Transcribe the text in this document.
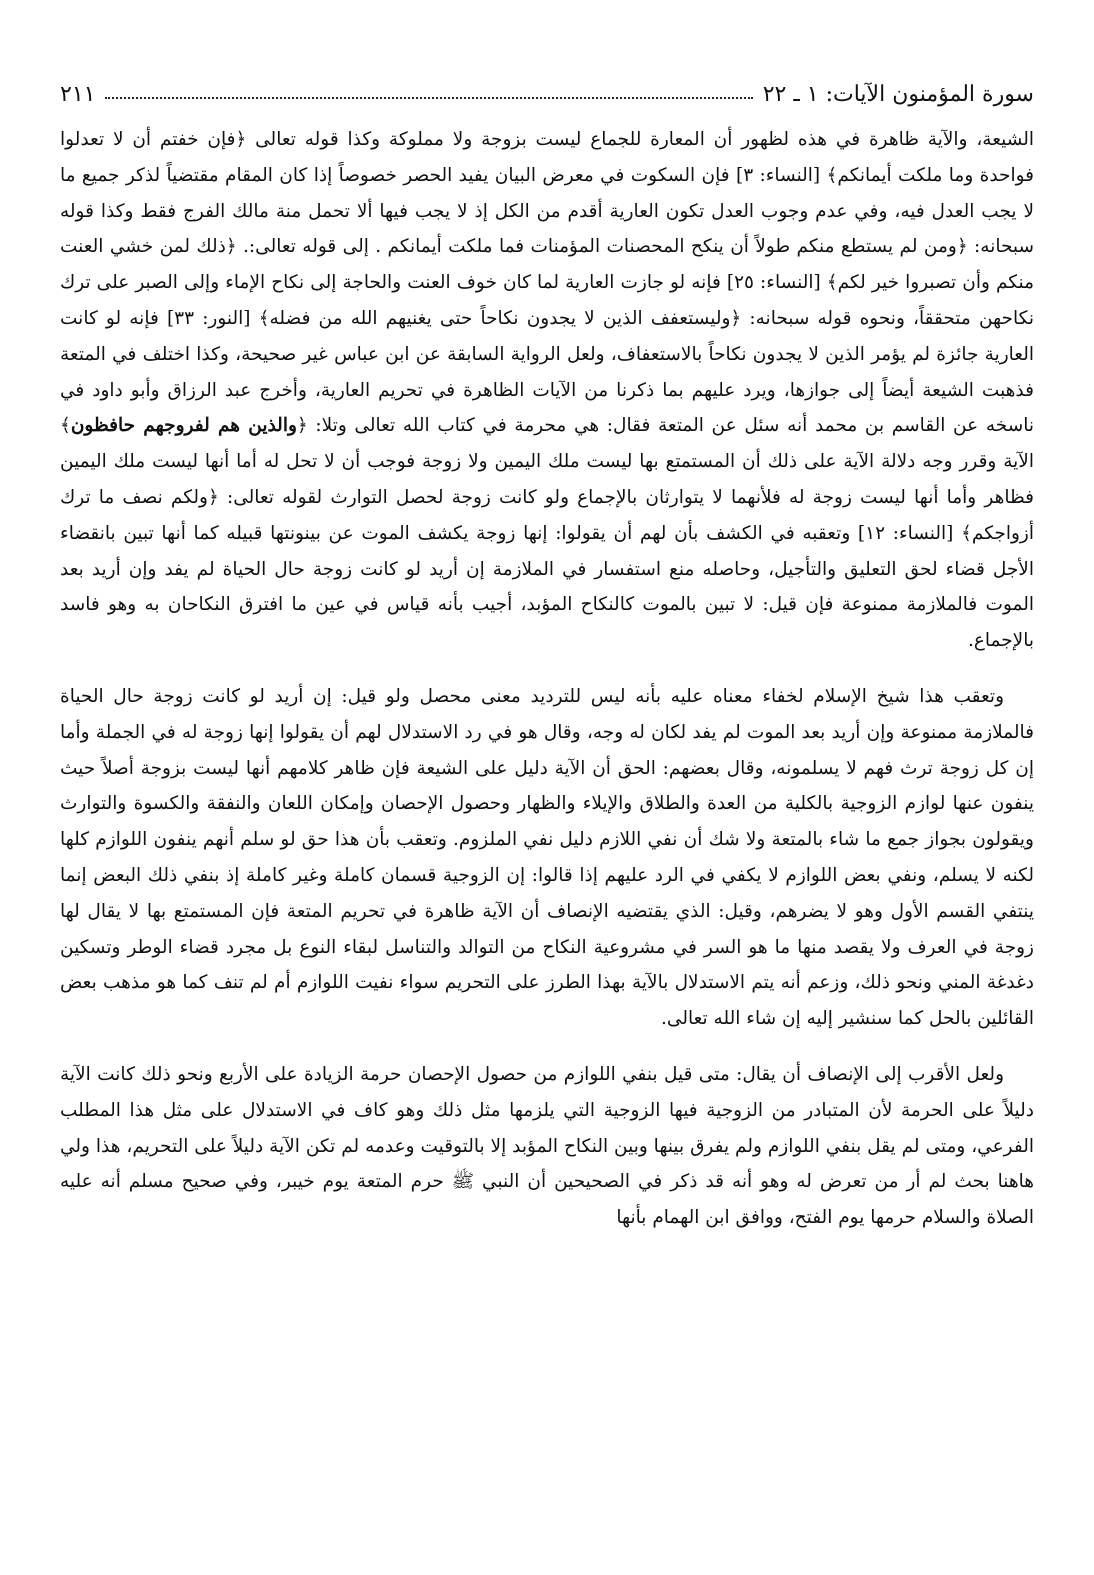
سورة المؤمنون الآيات: ١ ـ ٢٢
٢١١

الشيعة، والآية ظاهرة في هذه لظهور أن المعارة للجماع ليست بزوجة ولا مملوكة وكذا قوله تعالى ﴿فإن خفتم أن لا تعدلوا فواحدة وما ملكت أيمانكم﴾ [النساء: ٣] فإن السكوت في معرض البيان يفيد الحصر خصوصاً إذا كان المقام مقتضياً لذكر جميع ما لا يجب العدل فيه، وفي عدم وجوب العدل تكون العارية أقدم من الكل إذ لا يجب فيها ألا تحمل منة مالك الفرج فقط وكذا قوله سبحانه: ﴿ومن لم يستطع منكم طولاً أن ينكح المحصنات المؤمنات فما ملكت أيمانكم . إلى قوله تعالى:. ﴿ذلك لمن خشي العنت منكم وأن تصبروا خير لكم﴾ [النساء: ٢٥] فإنه لو جازت العارية لما كان خوف العنت والحاجة إلى نكاح الإماء وإلى الصبر على ترك نكاحهن متحققاً، ونحوه قوله سبحانه: ﴿وليستعفف الذين لا يجدون نكاحاً حتى يغنيهم الله من فضله﴾ [النور: ٣٣] فإنه لو كانت العارية جائزة لم يؤمر الذين لا يجدون نكاحاً بالاستعفاف، ولعل الرواية السابقة عن ابن عباس غير صحيحة، وكذا اختلف في المتعة فذهبت الشيعة أيضاً إلى جوازها، ويرد عليهم بما ذكرنا من الآيات الظاهرة في تحريم العارية، وأخرج عبد الرزاق وأبو داود في ناسخه عن القاسم بن محمد أنه سئل عن المتعة فقال: هي محرمة في كتاب الله تعالى وتلا: ﴿والذين هم لفروجهم حافظون﴾ الآية وقرر وجه دلالة الآية على ذلك أن المستمتع بها ليست ملك اليمين ولا زوجة فوجب أن لا تحل له أما أنها ليست ملك اليمين فظاهر وأما أنها ليست زوجة له فلأنهما لا يتوارثان بالإجماع ولو كانت زوجة لحصل التوارث لقوله تعالى: ﴿ولكم نصف ما ترك أزواجكم﴾ [النساء: ١٢] وتعقبه في الكشف بأن لهم أن يقولوا: إنها زوجة يكشف الموت عن بينونتها قبيله كما أنها تبين بانقضاء الأجل قضاء لحق التعليق والتأجيل، وحاصله منع استفسار في الملازمة إن أريد لو كانت زوجة حال الحياة لم يفد وإن أريد بعد الموت فالملازمة ممنوعة فإن قيل: لا تبين بالموت كالنكاح المؤبد، أجيب بأنه قياس في عين ما افترق النكاحان به وهو فاسد بالإجماع.

وتعقب هذا شيخ الإسلام لخفاء معناه عليه بأنه ليس للترديد معنى محصل ولو قيل: إن أريد لو كانت زوجة حال الحياة فالملازمة ممنوعة وإن أريد بعد الموت لم يفد لكان له وجه، وقال هو في رد الاستدلال لهم أن يقولوا إنها زوجة له في الجملة وأما إن كل زوجة ترث فهم لا يسلمونه، وقال بعضهم: الحق أن الآية دليل على الشيعة فإن ظاهر كلامهم أنها ليست بزوجة أصلاً حيث ينفون عنها لوازم الزوجية بالكلية من العدة والطلاق والإيلاء والظهار وحصول الإحصان وإمكان اللعان والنفقة والكسوة والتوارث ويقولون بجواز جمع ما شاء بالمتعة ولا شك أن نفي اللازم دليل نفي الملزوم. وتعقب بأن هذا حق لو سلم أنهم ينفون اللوازم كلها لكنه لا يسلم، ونفي بعض اللوازم لا يكفي في الرد عليهم إذا قالوا: إن الزوجية قسمان كاملة وغير كاملة إذ بنفي ذلك البعض إنما ينتفي القسم الأول وهو لا يضرهم، وقيل: الذي يقتضيه الإنصاف أن الآية ظاهرة في تحريم المتعة فإن المستمتع بها لا يقال لها زوجة في العرف ولا يقصد منها ما هو السر في مشروعية النكاح من التوالد والتناسل لبقاء النوع بل مجرد قضاء الوطر وتسكين دغدغة المني ونحو ذلك، وزعم أنه يتم الاستدلال بالآية بهذا الطرز على التحريم سواء نفيت اللوازم أم لم تنف كما هو مذهب بعض القائلين بالحل كما سنشير إليه إن شاء الله تعالى.

ولعل الأقرب إلى الإنصاف أن يقال: متى قيل بنفي اللوازم من حصول الإحصان حرمة الزيادة على الأربع ونحو ذلك كانت الآية دليلاً على الحرمة لأن المتبادر من الزوجية فيها الزوجية التي يلزمها مثل ذلك وهو كاف في الاستدلال على مثل هذا المطلب الفرعي، ومتى لم يقل بنفي اللوازم ولم يفرق بينها وبين النكاح المؤبد إلا بالتوقيت وعدمه لم تكن الآية دليلاً على التحريم، هذا ولي هاهنا بحث لم أر من تعرض له وهو أنه قد ذكر في الصحيحين أن النبي ﷺ حرم المتعة يوم خيبر، وفي صحيح مسلم أنه عليه الصلاة والسلام حرمها يوم الفتح، ووافق ابن الهمام بأنها
